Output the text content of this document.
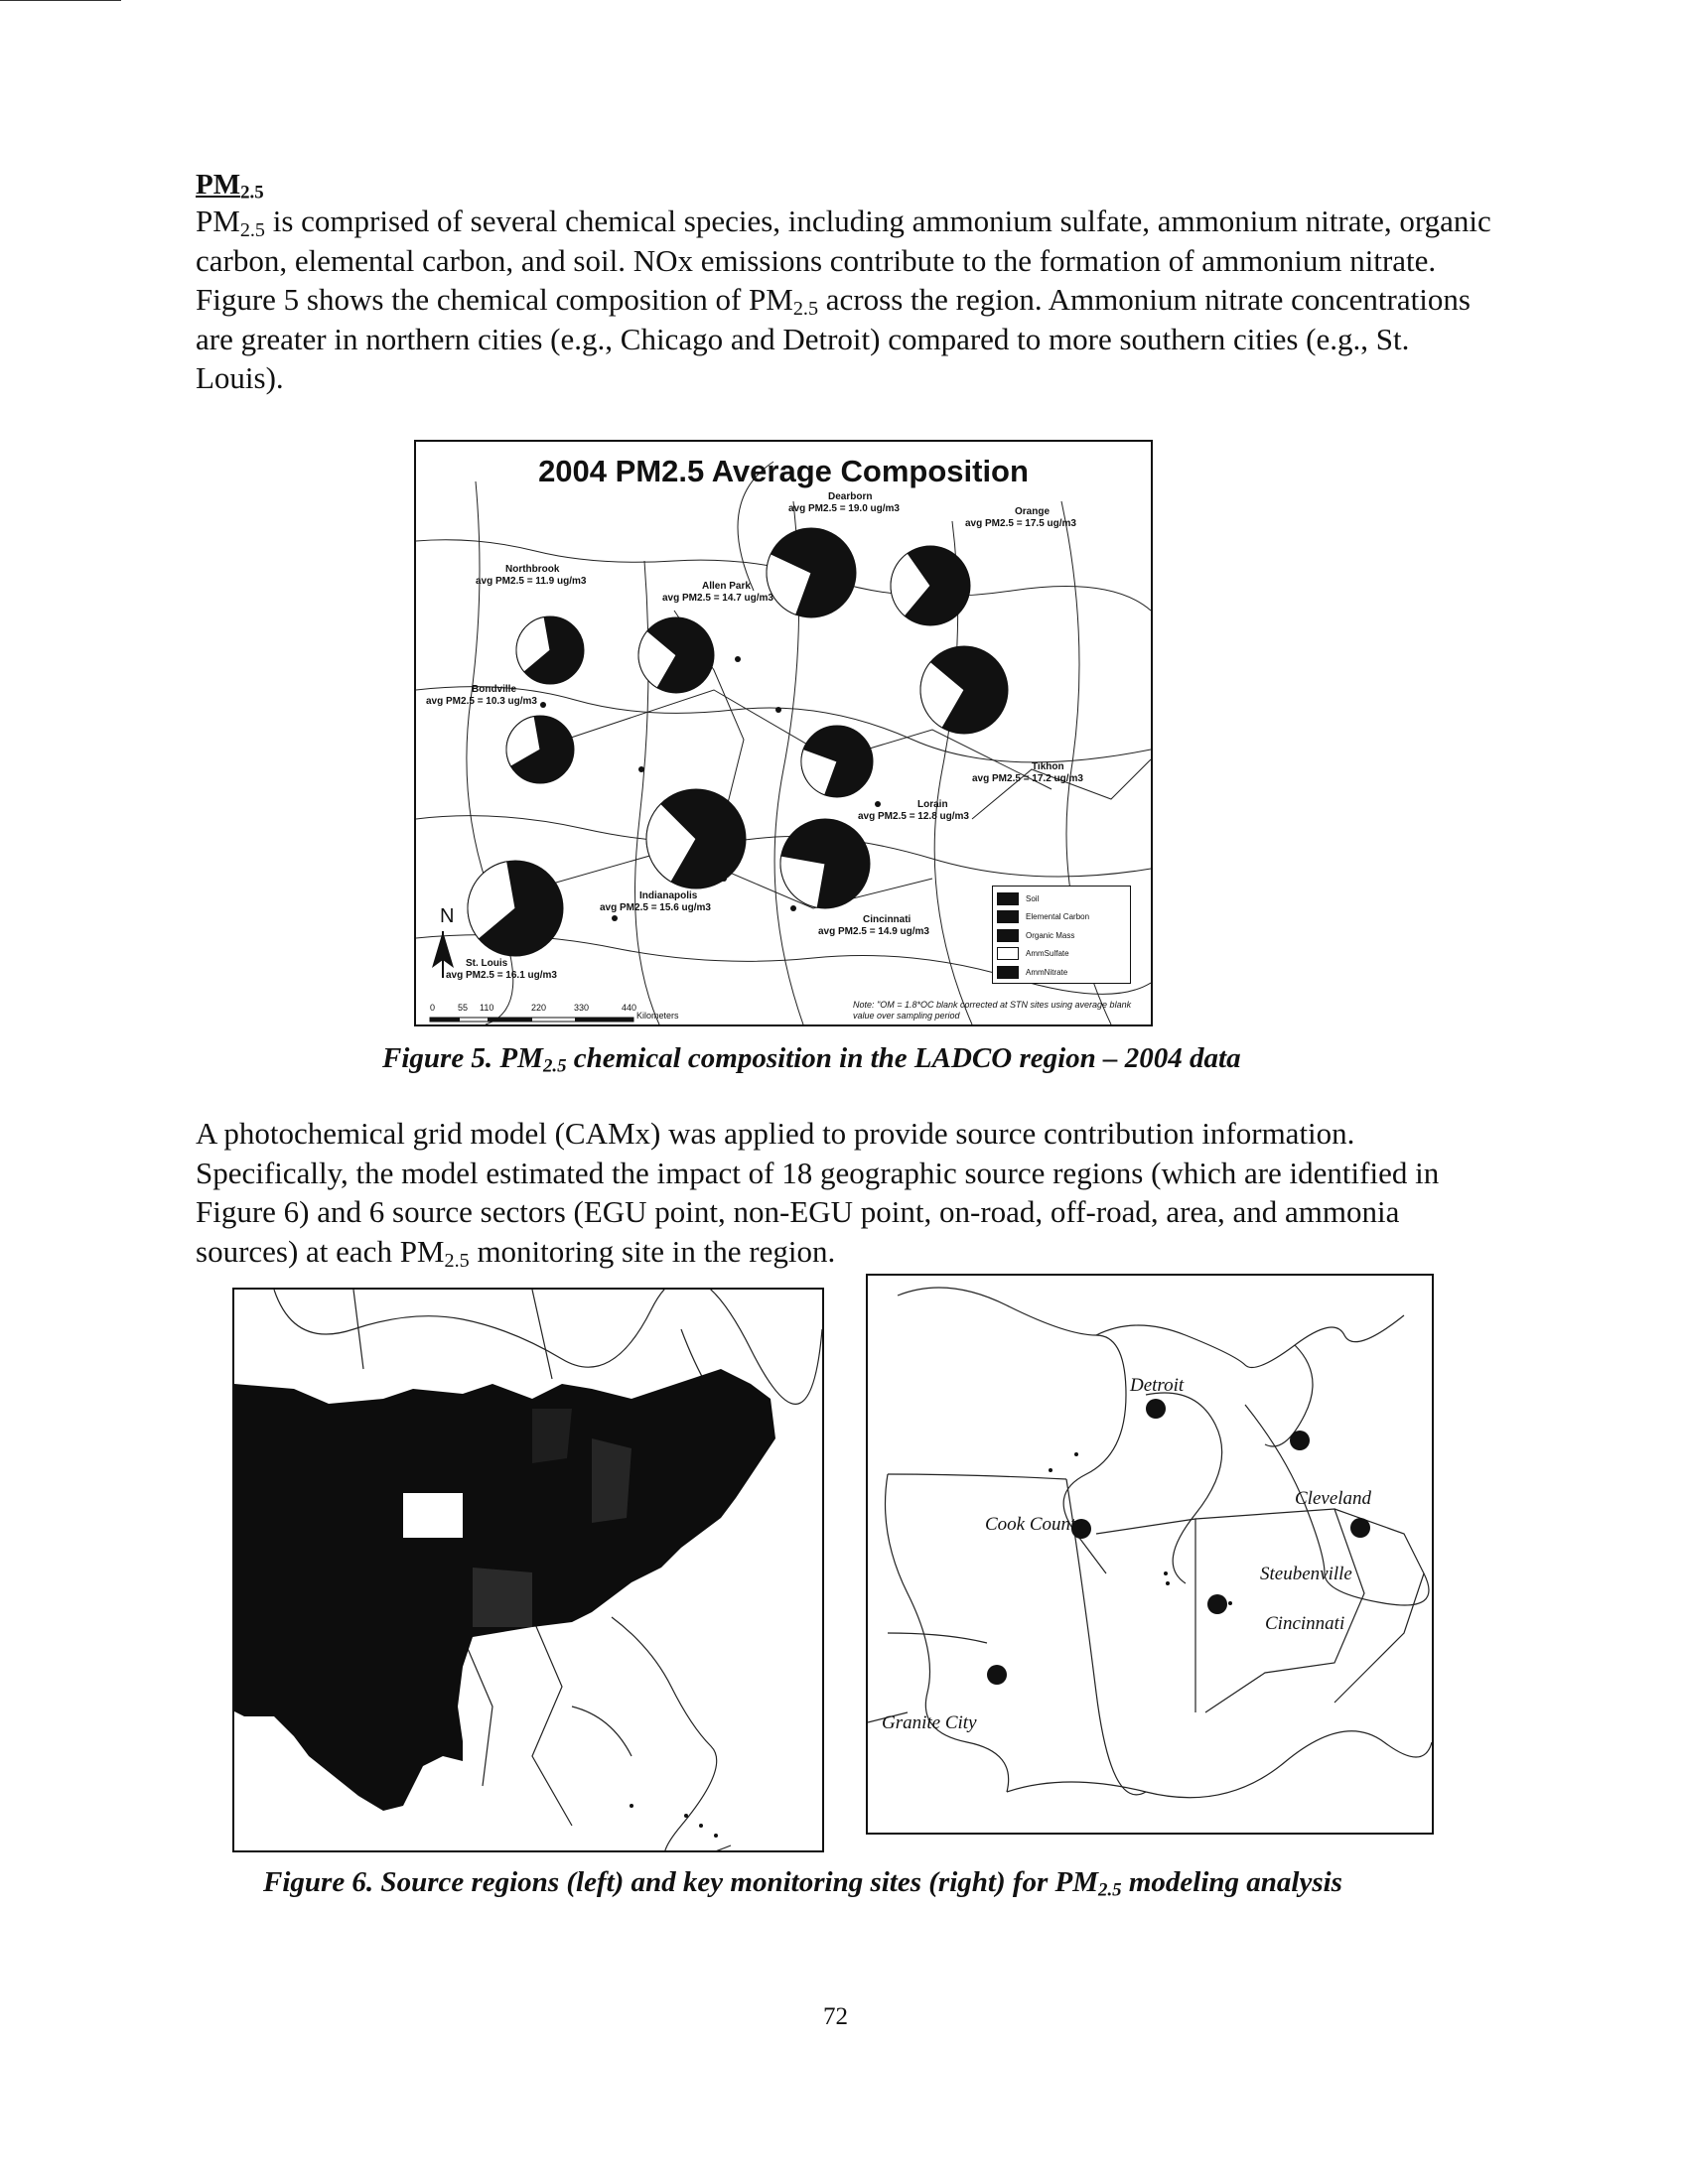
$PM_{2.5}$
$PM_{2.5}$ is comprised of several chemical species, including ammonium sulfate, ammonium nitrate, organic carbon, elemental carbon, and soil. NOx emissions contribute to the formation of ammonium nitrate. Figure 5 shows the chemical composition of $PM_{2.5}$ across the region. Ammonium nitrate concentrations are greater in northern cities (e.g., Chicago and Detroit) compared to more southern cities (e.g., St. Louis).
2004 PM2.5 Average Composition
Northbrook
avg PM2.5 = 11.9 ug/m3	Allen Park
avg PM2.5 = 14.7 ug/m3
Dearborn
avg PM2.5 = 19.0 ug/m3	Orange
avg PM2.5 = 17.5 ug/m3
Bondville
avg PM2.5 = 10.3 ug/m3
Tikhon
avg PM2.5 = 17.2 ug/m3
Lorain
avg PM2.5 = 12.8 ug/m3
Indianapolis
avg PM2.5 = 15.6 ug/m3
Cincinnati
avg PM2.5 = 14.9 ug/m3
St. Louis
avg PM2.5 = 16.1 ug/m3
Soil
Elemental Carbon
Organic Mass
AmmSulfate
AmmNitrate
Note: "OM = 1.8*OC blank corrected at STN sites using average blank value over sampling period
N
0	55 110	220	330	440
Kilometers
Figure 5. $PM_{2.5}$ chemical composition in the LADCO region – 2004 data
A photochemical grid model (CAMx) was applied to provide source contribution information. Specifically, the model estimated the impact of 18 geographic source regions (which are identified in Figure 6) and 6 source sectors (EGU point, non-EGU point, on-road, off-road, area, and ammonia sources) at each $PM_{2.5}$ monitoring site in the region.
Detroit
Cleveland
Cook County
Steubenville
Cincinnati
Granite City
Figure 6. Source regions (left) and key monitoring sites (right) for $PM_{2.5}$ modeling analysis
72
